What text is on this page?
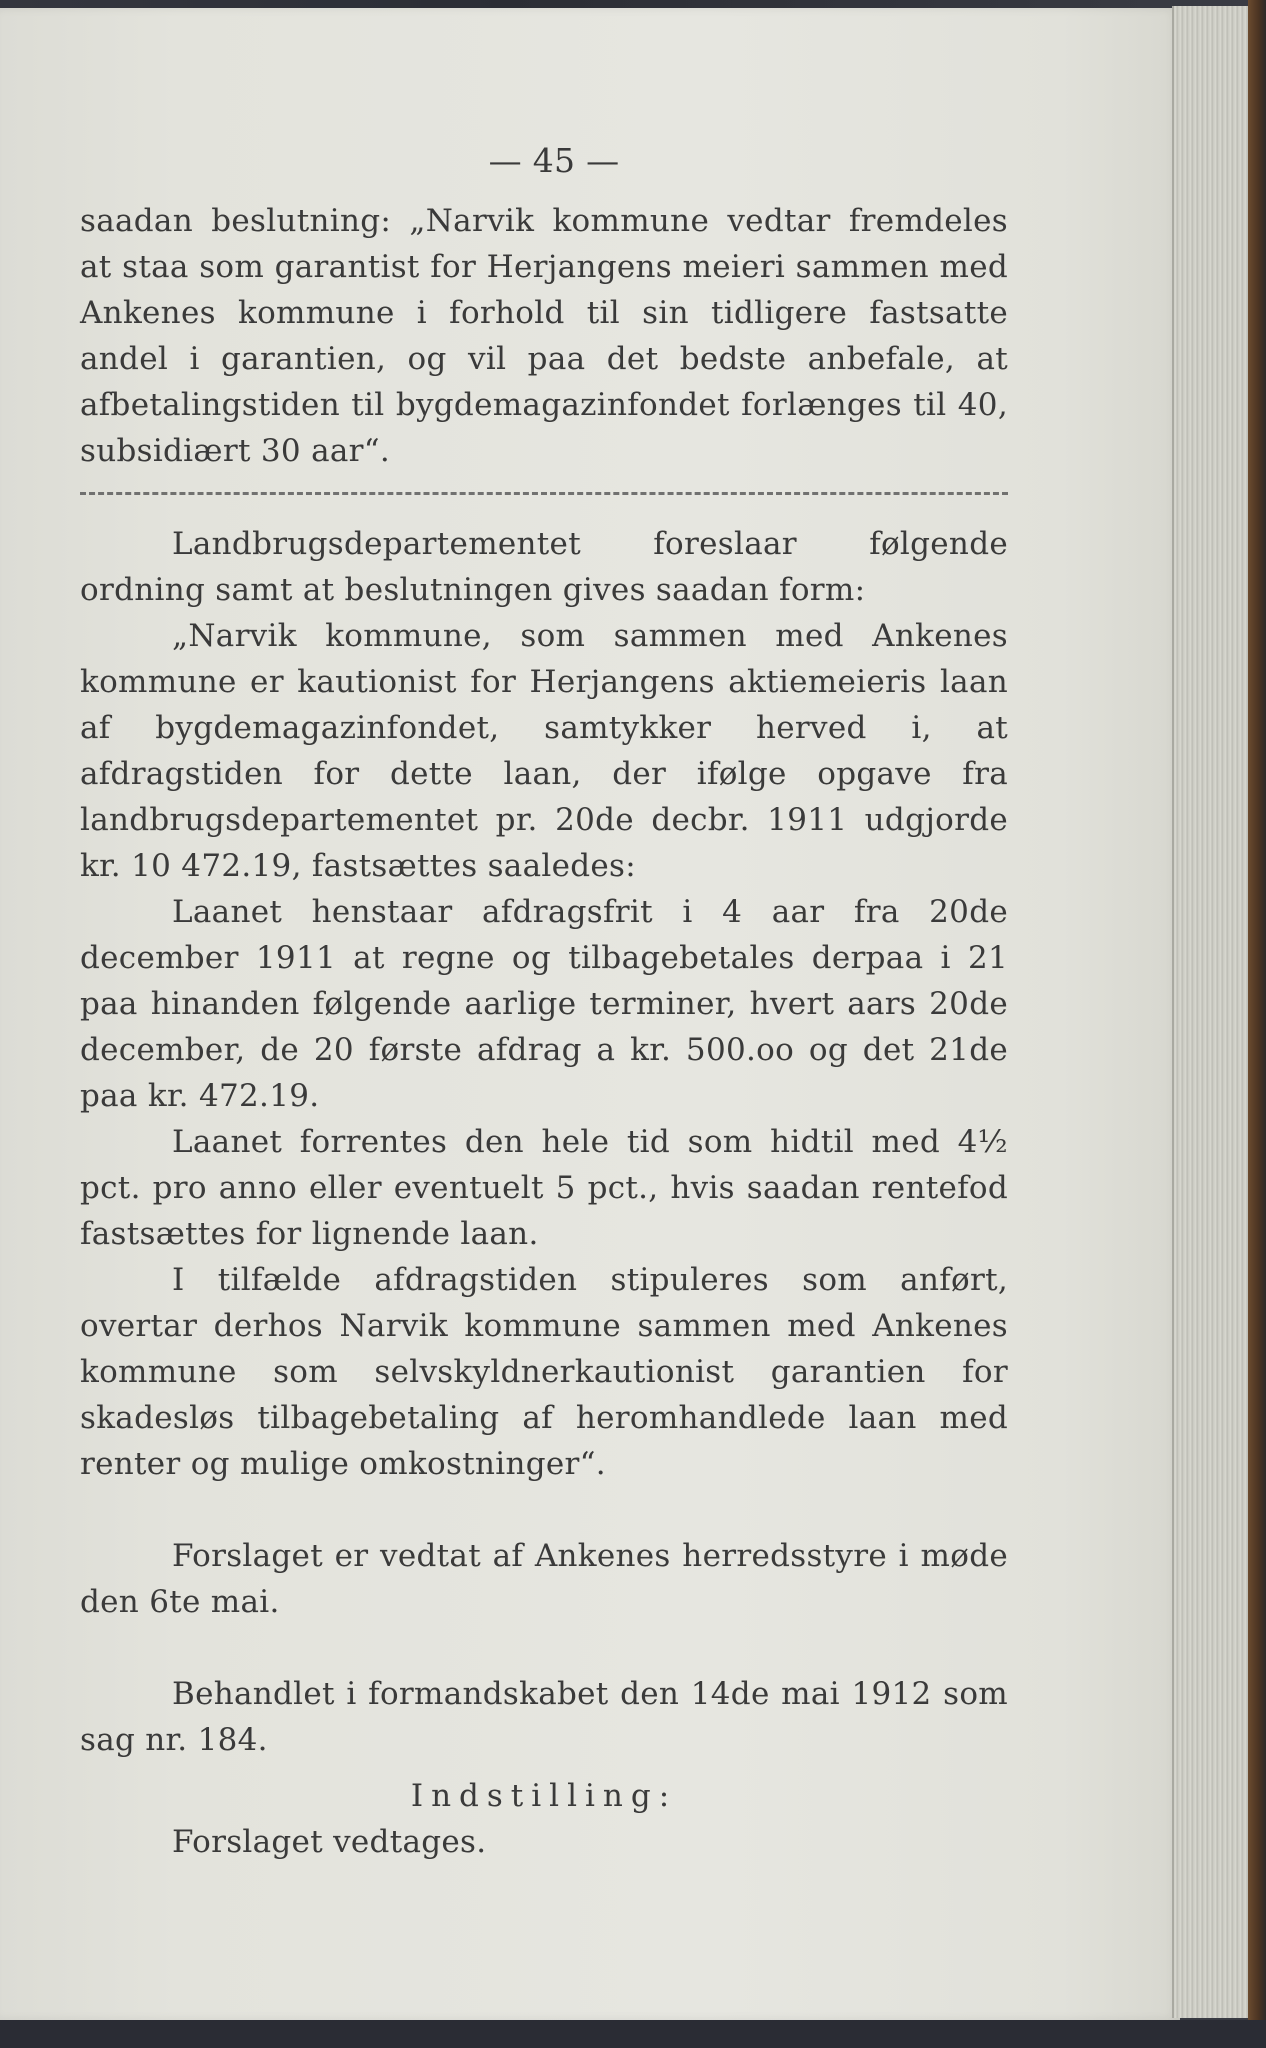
— 45 —

saadan beslutning: „Narvik kommune vedtar fremdeles at staa som garantist for Herjangens meieri sammen med Ankenes kommune i forhold til sin tidligere fastsatte andel i garantien, og vil paa det bedste anbefale, at afbetalingstiden til bygdemagazinfondet forlænges til 40, subsidiært 30 aar“.

Landbrugsdepartementet foreslaar følgende ordning samt at beslutningen gives saadan form:

„Narvik kommune, som sammen med Ankenes kommune er kautionist for Herjangens aktiemeieris laan af bygdemagazinfondet, samtykker herved i, at afdragstiden for dette laan, der ifølge opgave fra landbrugsdepartementet pr. 20de decbr. 1911 udgjorde kr. 10 472.19, fastsættes saaledes:

Laanet henstaar afdragsfrit i 4 aar fra 20de december 1911 at regne og tilbagebetales derpaa i 21 paa hinanden følgende aarlige terminer, hvert aars 20de december, de 20 første afdrag a kr. 500.oo og det 21de paa kr. 472.19.

Laanet forrentes den hele tid som hidtil med 4½ pct. pro anno eller eventuelt 5 pct., hvis saadan rentefod fastsættes for lignende laan.

I tilfælde afdragstiden stipuleres som anført, overtar derhos Narvik kommune sammen med Ankenes kommune som selvskyldnerkautionist garantien for skadesløs tilbagebetaling af heromhandlede laan med renter og mulige omkostninger“.

Forslaget er vedtat af Ankenes herredsstyre i møde den 6te mai.

Behandlet i formandskabet den 14de mai 1912 som sag nr. 184.

Indstilling:

Forslaget vedtages.
